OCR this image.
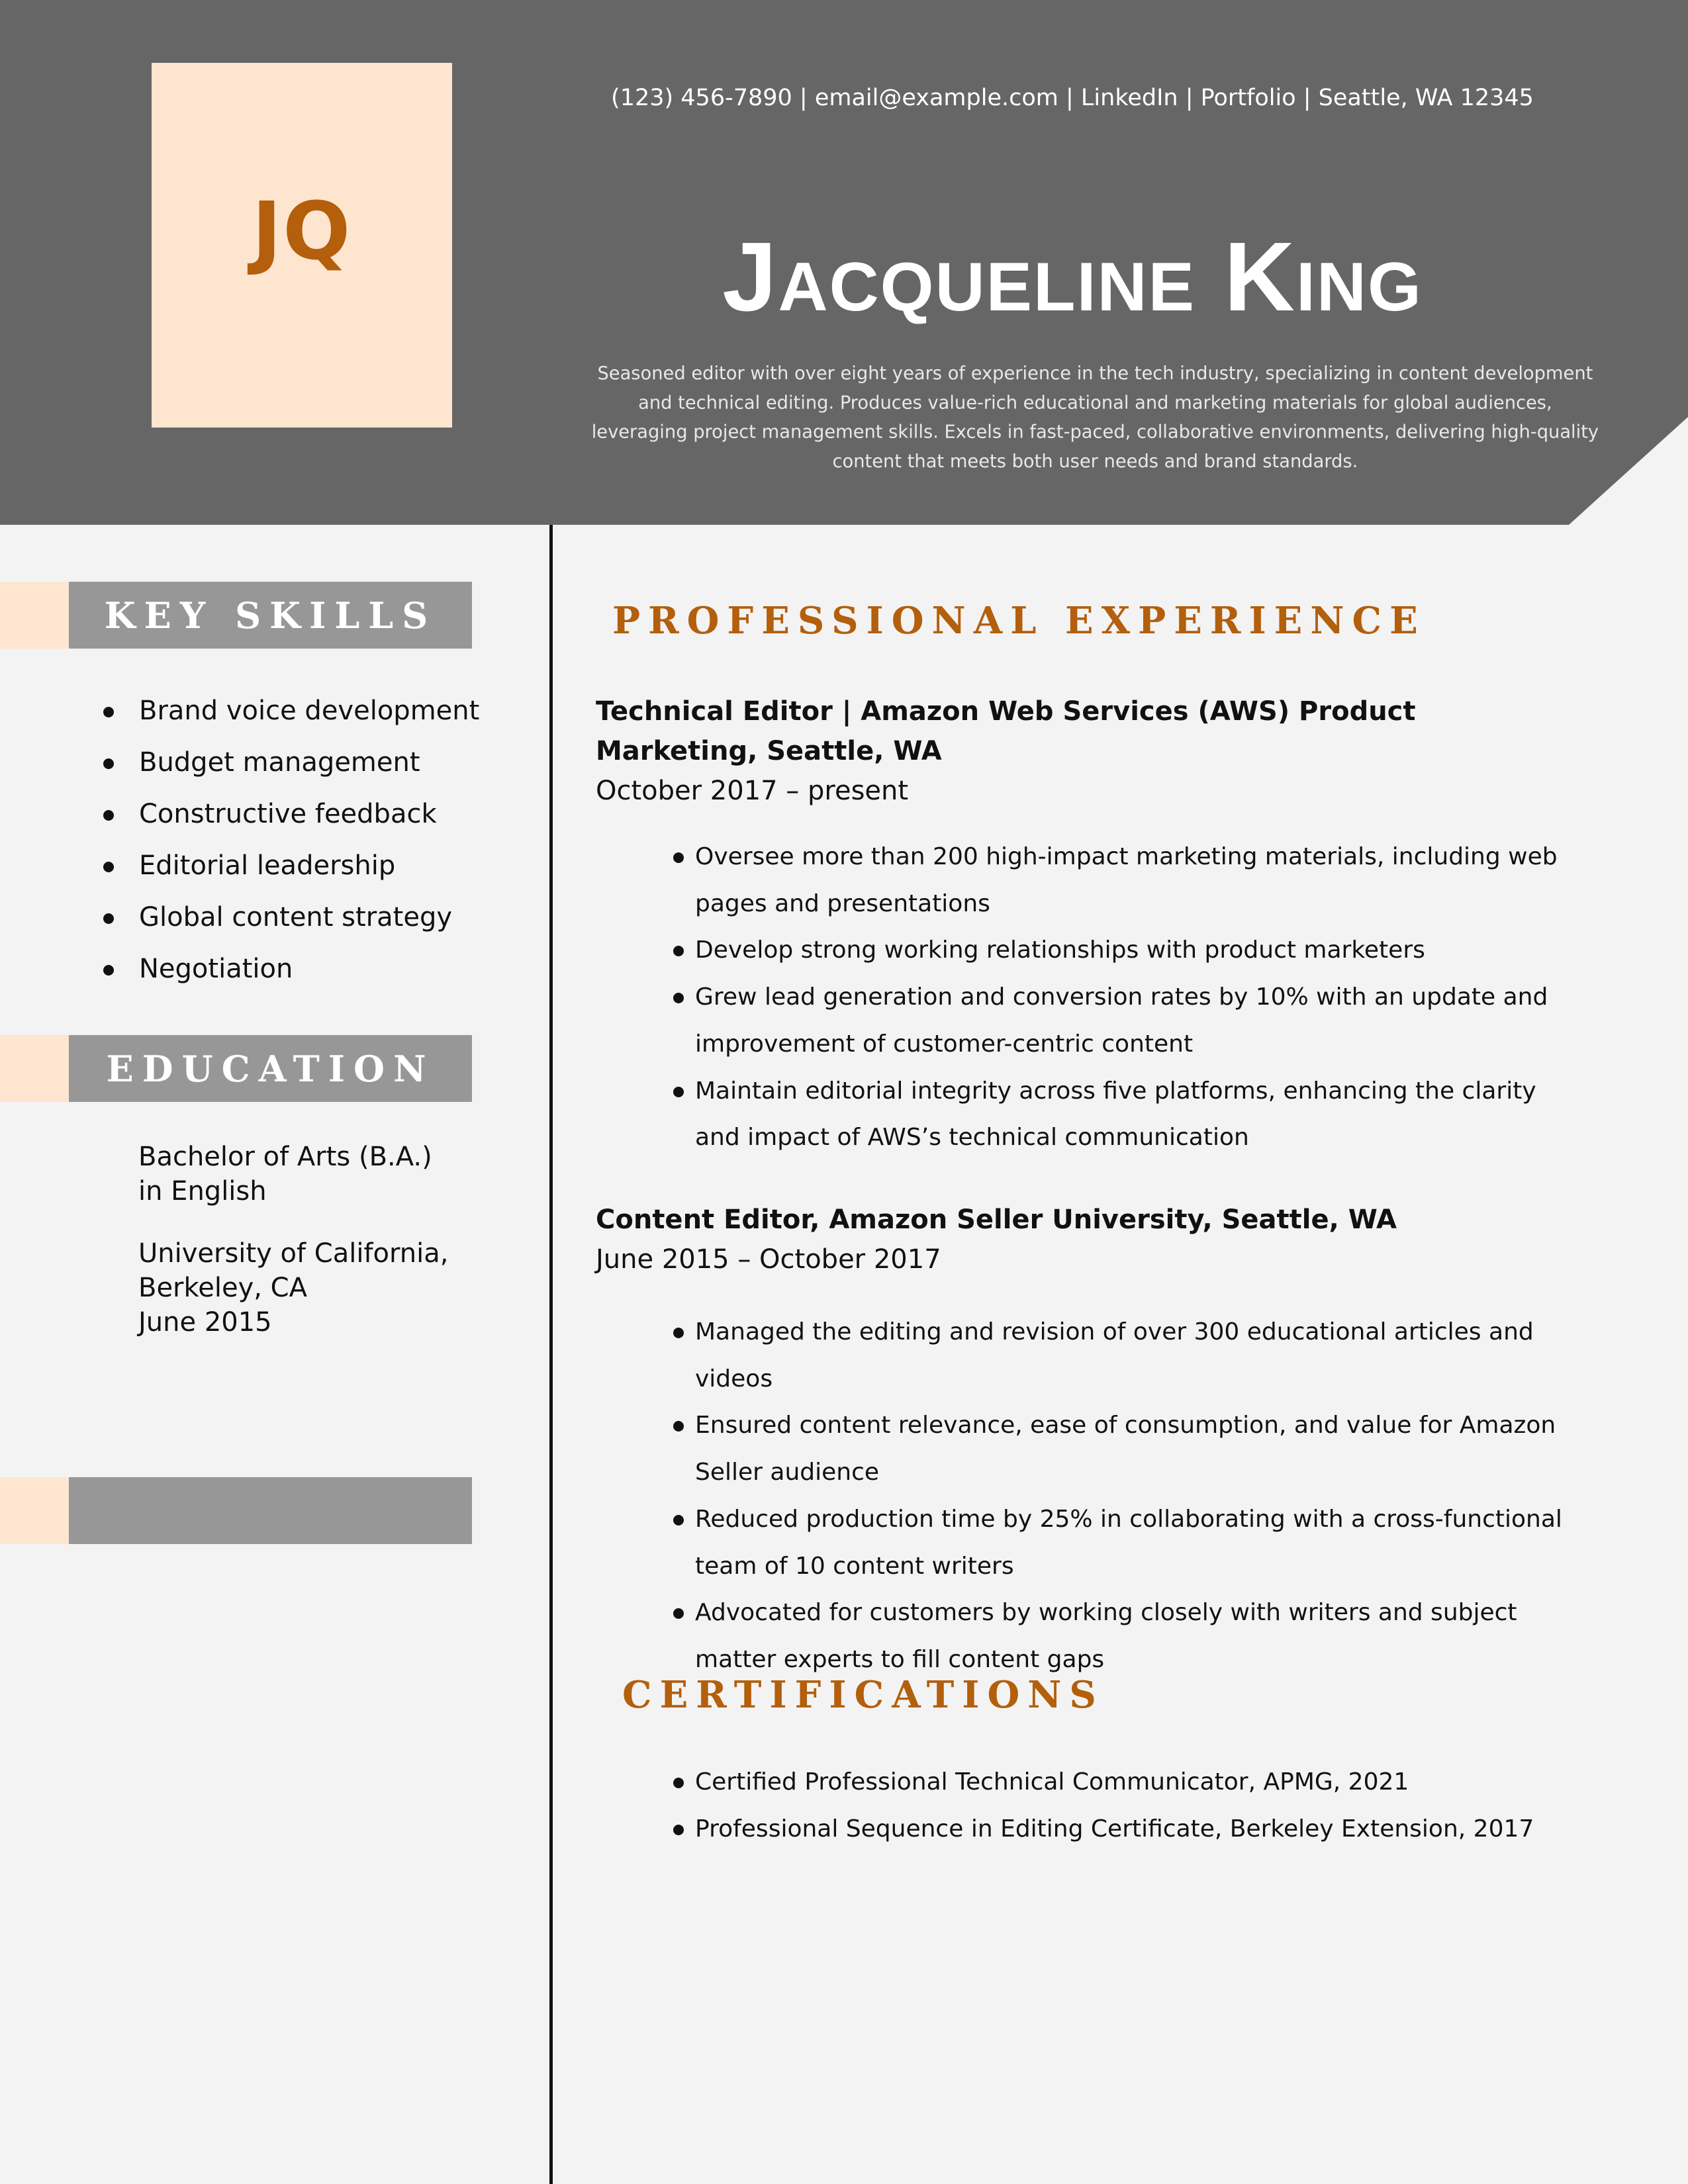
JQ
(123) 456-7890 | email@example.com | LinkedIn | Portfolio | Seattle, WA 12345
Jacqueline King
Seasoned editor with over eight years of experience in the tech industry, specializing in content development and technical editing. Produces value-rich educational and marketing materials for global audiences, leveraging project management skills. Excels in fast-paced, collaborative environments, delivering high-quality content that meets both user needs and brand standards.
KEY SKILLS
Brand voice development
Budget management
Constructive feedback
Editorial leadership
Global content strategy
Negotiation
EDUCATION
Bachelor of Arts (B.A.) in English
University of California, Berkeley, CA
June 2015
PROFESSIONAL EXPERIENCE
Technical Editor | Amazon Web Services (AWS) Product Marketing, Seattle, WA
October 2017 – present
Oversee more than 200 high-impact marketing materials, including web pages and presentations
Develop strong working relationships with product marketers
Grew lead generation and conversion rates by 10% with an update and improvement of customer-centric content
Maintain editorial integrity across five platforms, enhancing the clarity and impact of AWS’s technical communication
Content Editor, Amazon Seller University, Seattle, WA
June 2015 – October 2017
Managed the editing and revision of over 300 educational articles and videos
Ensured content relevance, ease of consumption, and value for Amazon Seller audience
Reduced production time by 25% in collaborating with a cross-functional team of 10 content writers
Advocated for customers by working closely with writers and subject matter experts to fill content gaps
CERTIFICATIONS
Certified Professional Technical Communicator, APMG, 2021
Professional Sequence in Editing Certificate, Berkeley Extension, 2017
